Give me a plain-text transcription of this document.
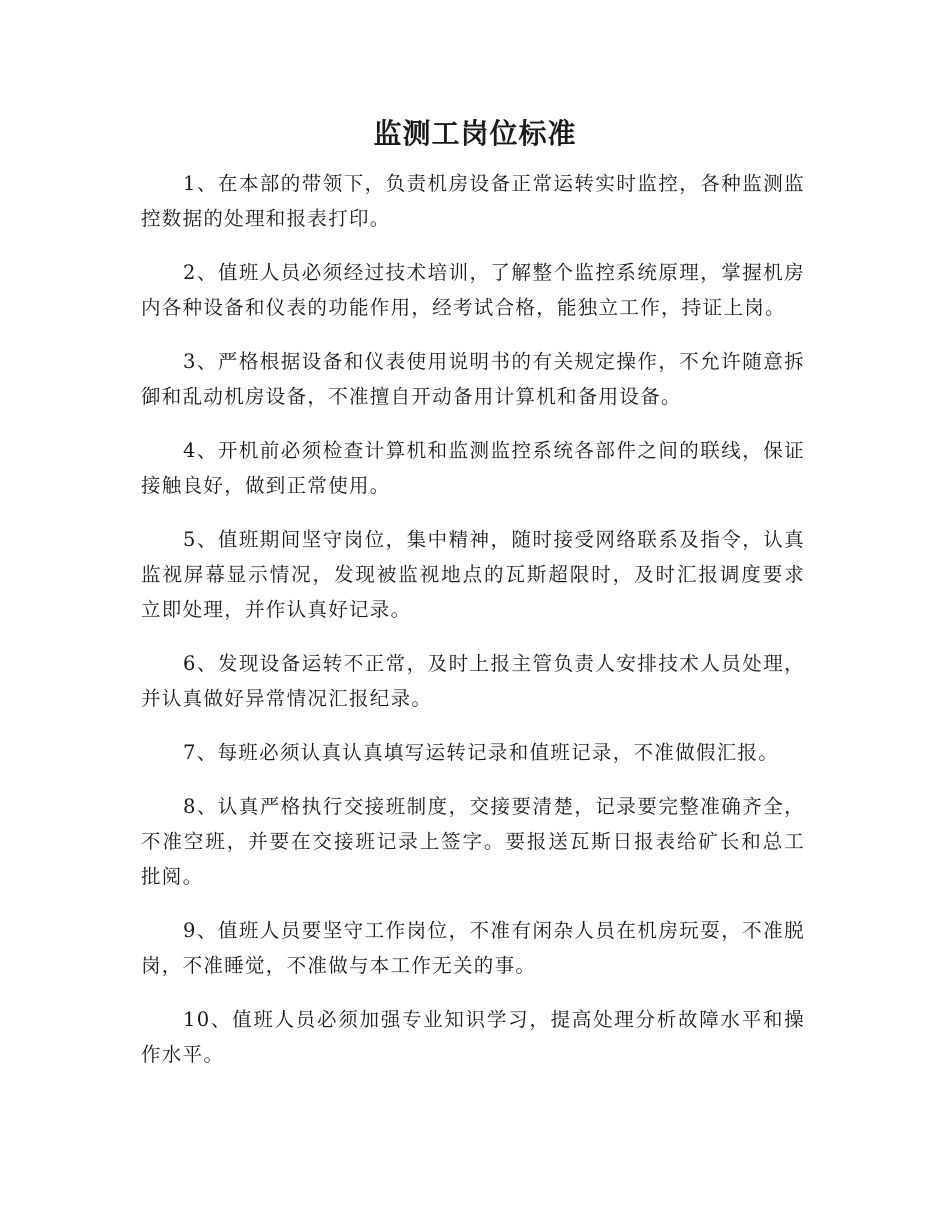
监测工岗位标准

1、在本部的带领下，负责机房设备正常运转实时监控，各种监测监控数据的处理和报表打印。

2、值班人员必须经过技术培训，了解整个监控系统原理，掌握机房内各种设备和仪表的功能作用，经考试合格，能独立工作，持证上岗。

3、严格根据设备和仪表使用说明书的有关规定操作，不允许随意拆御和乱动机房设备，不准擅自开动备用计算机和备用设备。

4、开机前必须检查计算机和监测监控系统各部件之间的联线，保证接触良好，做到正常使用。

5、值班期间坚守岗位，集中精神，随时接受网络联系及指令，认真监视屏幕显示情况，发现被监视地点的瓦斯超限时，及时汇报调度要求立即处理，并作认真好记录。

6、发现设备运转不正常，及时上报主管负责人安排技术人员处理，并认真做好异常情况汇报纪录。

7、每班必须认真认真填写运转记录和值班记录，不准做假汇报。

8、认真严格执行交接班制度，交接要清楚，记录要完整准确齐全，不准空班，并要在交接班记录上签字。要报送瓦斯日报表给矿长和总工批阅。

9、值班人员要坚守工作岗位，不准有闲杂人员在机房玩耍，不准脱岗，不准睡觉，不准做与本工作无关的事。

10、值班人员必须加强专业知识学习，提高处理分析故障水平和操作水平。
